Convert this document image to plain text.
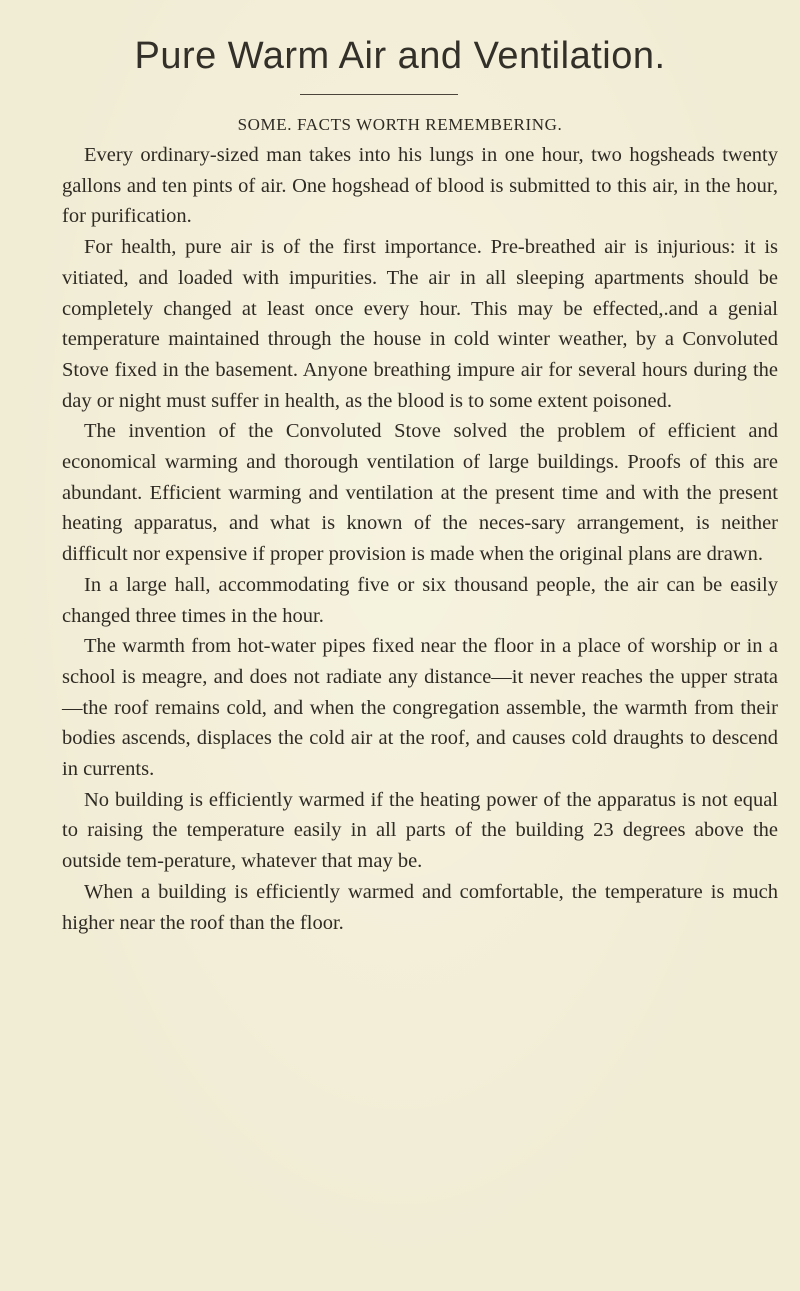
Pure Warm Air and Ventilation.
SOME. FACTS WORTH REMEMBERING.

Every ordinary-sized man takes into his lungs in one hour, two hogsheads twenty gallons and ten pints of air. One hogshead of blood is submitted to this air, in the hour, for purification.

For health, pure air is of the first importance. Pre-breathed air is injurious: it is vitiated, and loaded with impurities. The air in all sleeping apartments should be completely changed at least once every hour. This may be effected,.and a genial temperature maintained through the house in cold winter weather, by a Convoluted Stove fixed in the basement. Anyone breathing impure air for several hours during the day or night must suffer in health, as the blood is to some extent poisoned.

The invention of the Convoluted Stove solved the problem of efficient and economical warming and thorough ventilation of large buildings. Proofs of this are abundant. Efficient warming and ventilation at the present time and with the present heating apparatus, and what is known of the neces-sary arrangement, is neither difficult nor expensive if proper provision is made when the original plans are drawn.

In a large hall, accommodating five or six thousand people, the air can be easily changed three times in the hour.

The warmth from hot-water pipes fixed near the floor in a place of worship or in a school is meagre, and does not radiate any distance—it never reaches the upper strata—the roof remains cold, and when the congregation assemble, the warmth from their bodies ascends, displaces the cold air at the roof, and causes cold draughts to descend in currents.

No building is efficiently warmed if the heating power of the apparatus is not equal to raising the temperature easily in all parts of the building 23 degrees above the outside tem-perature, whatever that may be.

When a building is efficiently warmed and comfortable, the temperature is much higher near the roof than the floor.
